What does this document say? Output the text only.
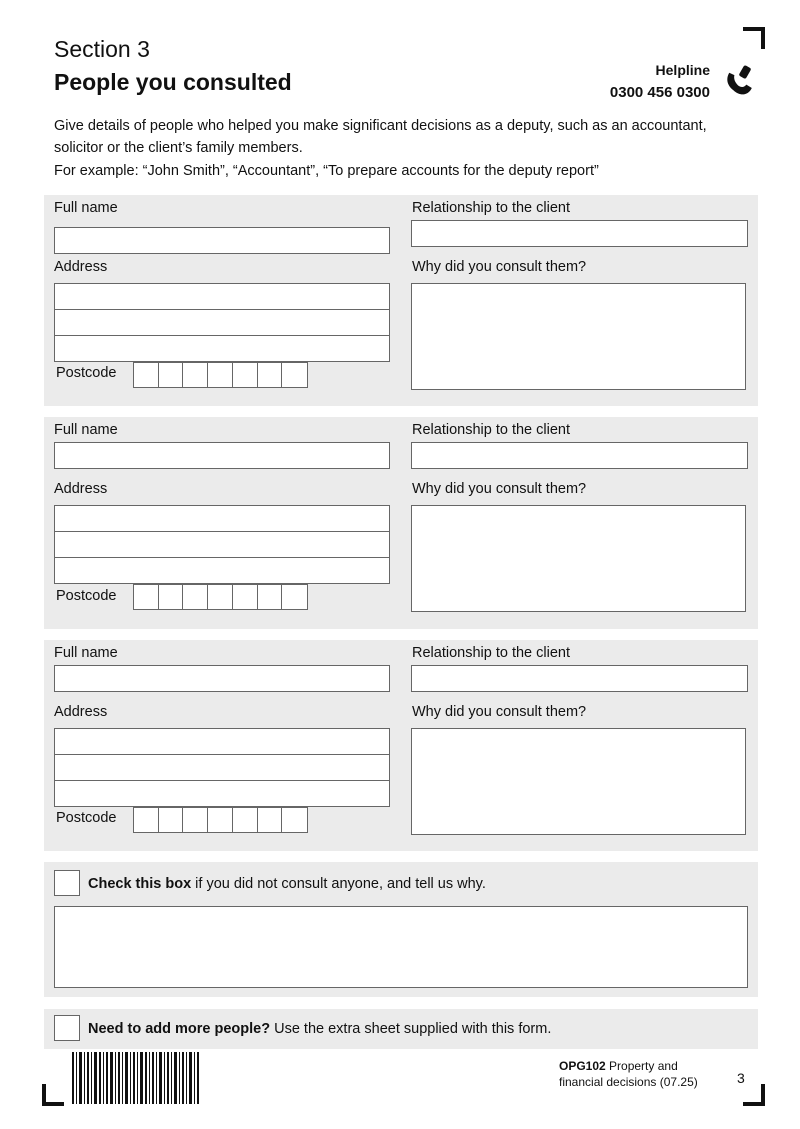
Section 3
People you consulted	Helpline
0300 456 0300
Give details of people who helped you make significant decisions as a deputy, such as an accountant, solicitor or the client’s family members.
For example: “John Smith”, “Accountant”, “To prepare accounts for the deputy report”
Full name	Relationship to the client
Address	Why did you consult them?
Postcode
Full name	Relationship to the client
Address	Why did you consult them?
Postcode
Full name	Relationship to the client
Address	Why did you consult them?
Postcode
Check this box if you did not consult anyone, and tell us why.
Need to add more people? Use the extra sheet supplied with this form.
OPG102 Property and
financial decisions (07.25)	3
